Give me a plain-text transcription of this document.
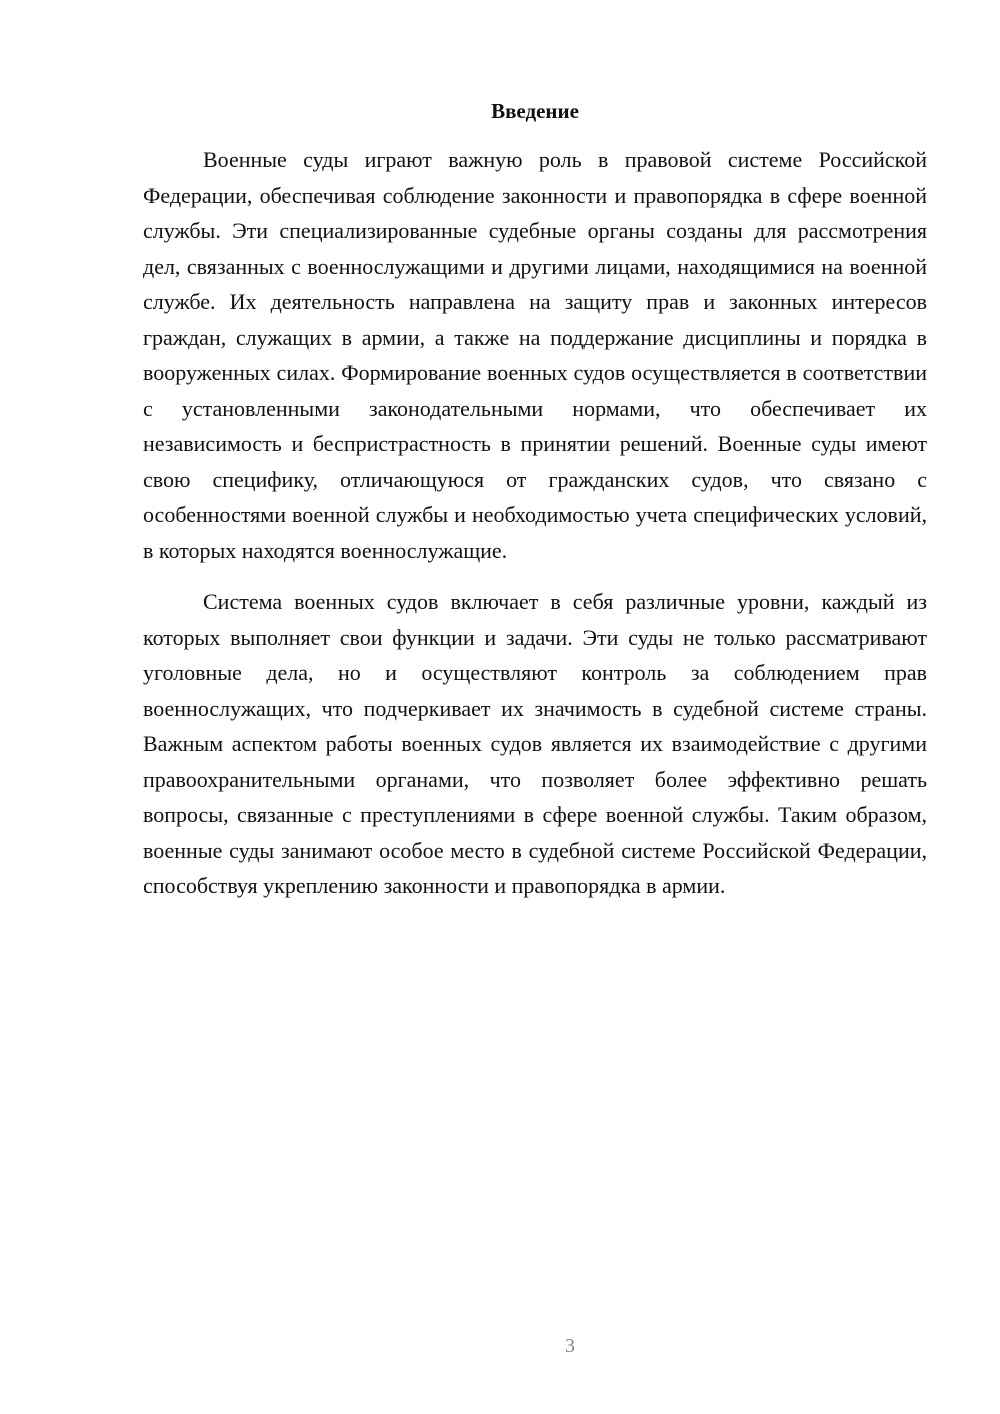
Введение

Военные суды играют важную роль в правовой системе Российской Федерации, обеспечивая соблюдение законности и правопорядка в сфере военной службы. Эти специализированные судебные органы созданы для рассмотрения дел, связанных с военнослужащими и другими лицами, находящимися на военной службе. Их деятельность направлена на защиту прав и законных интересов граждан, служащих в армии, а также на поддержание дисциплины и порядка в вооруженных силах. Формирование военных судов осуществляется в соответствии с установленными законодательными нормами, что обеспечивает их независимость и беспристрастность в принятии решений. Военные суды имеют свою специфику, отличающуюся от гражданских судов, что связано с особенностями военной службы и необходимостью учета специфических условий, в которых находятся военнослужащие.

Система военных судов включает в себя различные уровни, каждый из которых выполняет свои функции и задачи. Эти суды не только рассматривают уголовные дела, но и осуществляют контроль за соблюдением прав военнослужащих, что подчеркивает их значимость в судебной системе страны. Важным аспектом работы военных судов является их взаимодействие с другими правоохранительными органами, что позволяет более эффективно решать вопросы, связанные с преступлениями в сфере военной службы. Таким образом, военные суды занимают особое место в судебной системе Российской Федерации, способствуя укреплению законности и правопорядка в армии.

3
